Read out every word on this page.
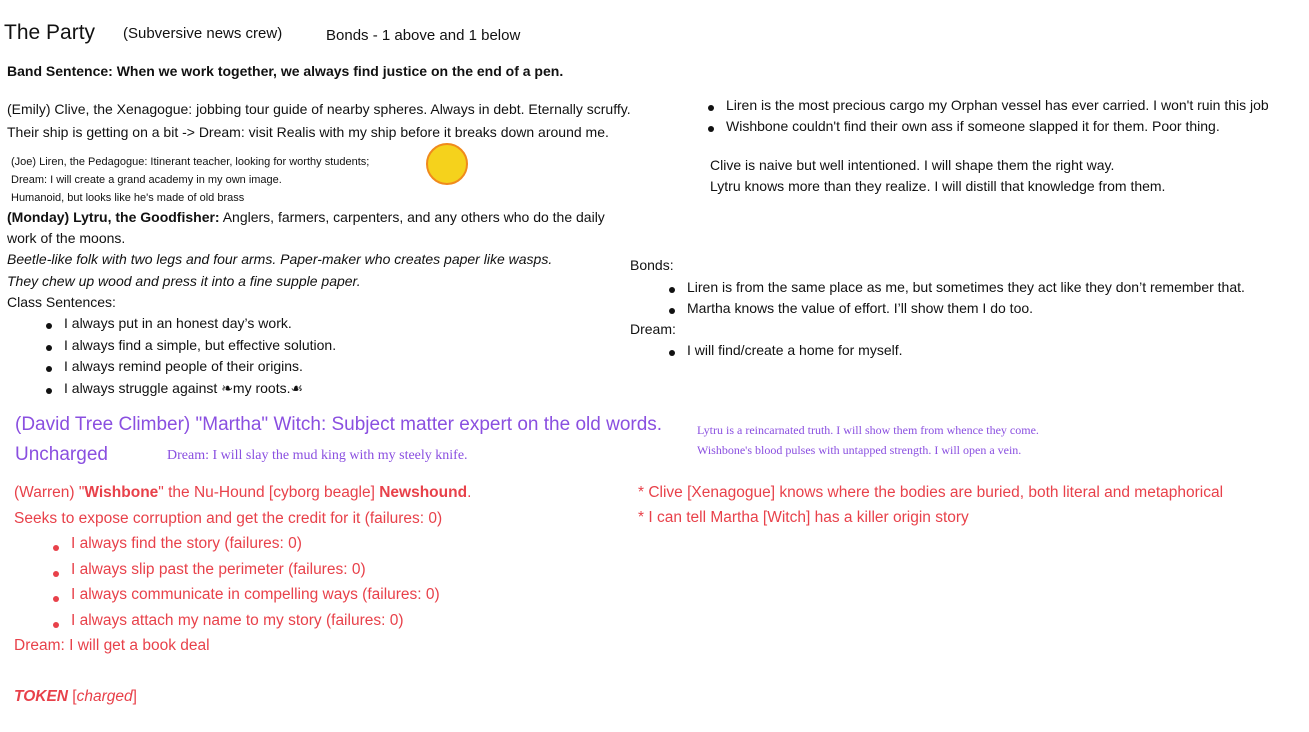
The Party (Subversive news crew)	Bonds - 1 above and 1 below
Band Sentence: When we work together, we always find justice on the end of a pen.
(Emily) Clive, the Xenagogue: jobbing tour guide of nearby spheres. Always in debt. Eternally scruffy.
Their ship is getting on a bit -> Dream: visit Realis with my ship before it breaks down around me.
(Joe) Liren, the Pedagogue: Itinerant teacher, looking for worthy students;
Dream: I will create a grand academy in my own image.
Humanoid, but looks like he's made of old brass
(Monday) Lytru, the Goodfisher: Anglers, farmers, carpenters, and any others who do the daily
work of the moons.
Beetle-like folk with two legs and four arms. Paper-maker who creates paper like wasps.
They chew up wood and press it into a fine supple paper.
Class Sentences:
I always put in an honest day’s work.
I always find a simple, but effective solution.
I always remind people of their origins.
I always struggle against ❧my roots.☙
Liren is the most precious cargo my Orphan vessel has ever carried. I won't ruin this job
Wishbone couldn't find their own ass if someone slapped it for them. Poor thing.
Clive is naive but well intentioned. I will shape them the right way.
Lytru knows more than they realize. I will distill that knowledge from them.
Bonds:
Liren is from the same place as me, but sometimes they act like they don’t remember that.
Martha knows the value of effort. I’ll show them I do too.
Dream:
I will find/create a home for myself.
(David Tree Climber) "Martha" Witch: Subject matter expert on the old words.
Uncharged	Dream: I will slay the mud king with my steely knife.
Lytru is a reincarnated truth. I will show them from whence they come.
Wishbone's blood pulses with untapped strength. I will open a vein.
(Warren) "Wishbone" the Nu-Hound [cyborg beagle] Newshound.
Seeks to expose corruption and get the credit for it (failures: 0)
I always find the story (failures: 0)
I always slip past the perimeter (failures: 0)
I always communicate in compelling ways (failures: 0)
I always attach my name to my story (failures: 0)
Dream: I will get a book deal
TOKEN [charged]
* Clive [Xenagogue] knows where the bodies are buried, both literal and metaphorical
* I can tell Martha [Witch] has a killer origin story
